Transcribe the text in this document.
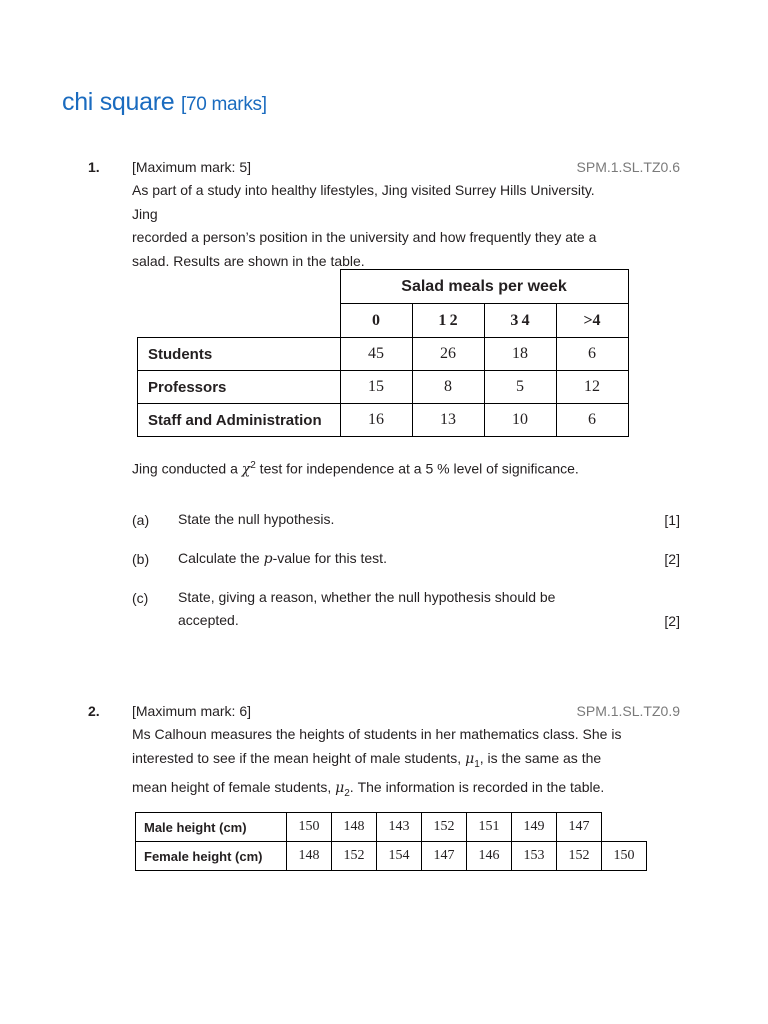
chi square [70 marks]
1. [Maximum mark: 5]	SPM.1.SL.TZ0.6
As part of a study into healthy lifestyles, Jing visited Surrey Hills University. Jing
recorded a person’s position in the university and how frequently they ate a
salad. Results are shown in the table.
	Salad meals per week			
	0	1 2	3 4	>4
Students	45	26	18	6
Professors	15	8	5	12
Staff and Administration	16	13	10	6
Jing conducted a $\chi^2$ test for independence at a 5 % level of significance.
(a) State the null hypothesis.	[1]
(b) Calculate the p-value for this test.	[2]
(c) State, giving a reason, whether the null hypothesis should be
accepted.	[2]
2. [Maximum mark: 6]	SPM.1.SL.TZ0.9
Ms Calhoun measures the heights of students in her mathematics class. She is
interested to see if the mean height of male students, $\mu_1$, is the same as the
mean height of female students, $\mu_2$. The information is recorded in the table.
Male height (cm)	150	148	143	152	151	149	147	
Female height (cm)	148	152	154	147	146	153	152	150
